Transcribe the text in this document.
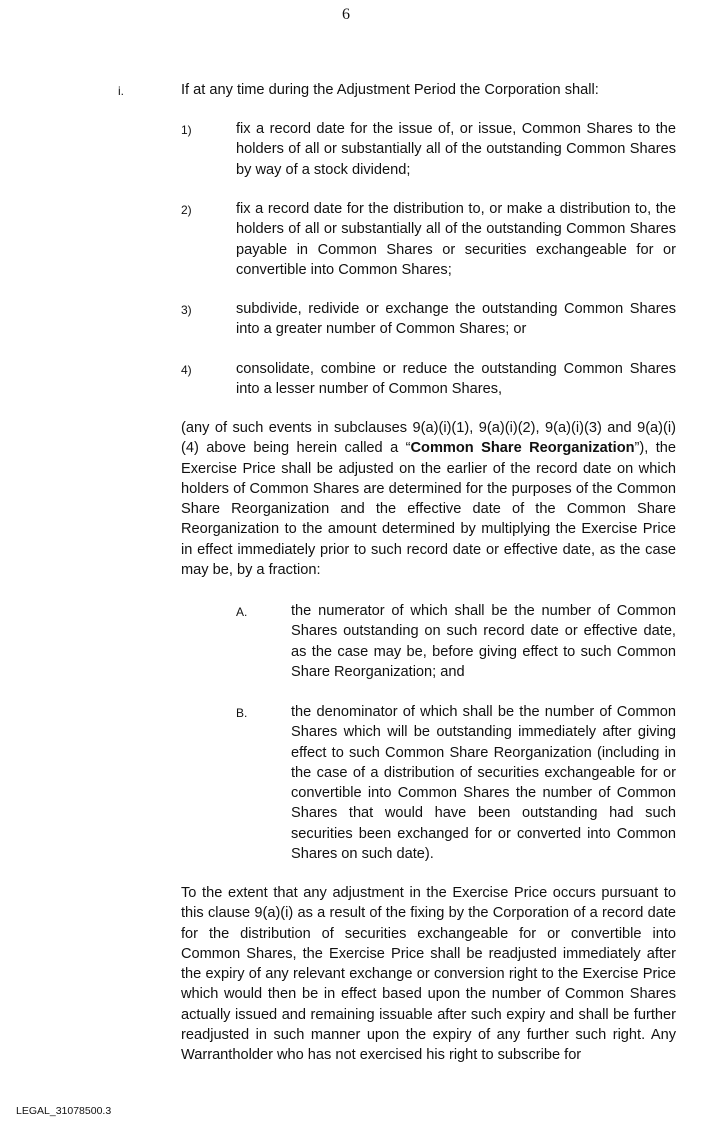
6
i.	If at any time during the Adjustment Period the Corporation shall:

1)	fix a record date for the issue of, or issue, Common Shares to the holders of all or substantially all of the outstanding Common Shares by way of a stock dividend;

2)	fix a record date for the distribution to, or make a distribution to, the holders of all or substantially all of the outstanding Common Shares payable in Common Shares or securities exchangeable for or convertible into Common Shares;

3)	subdivide, redivide or exchange the outstanding Common Shares into a greater number of Common Shares; or

4)	consolidate, combine or reduce the outstanding Common Shares into a lesser number of Common Shares,

(any of such events in subclauses 9(a)(i)(1), 9(a)(i)(2), 9(a)(i)(3) and 9(a)(i)(4) above being herein called a “Common Share Reorganization”), the Exercise Price shall be adjusted on the earlier of the record date on which holders of Common Shares are determined for the purposes of the Common Share Reorganization and the effective date of the Common Share Reorganization to the amount determined by multiplying the Exercise Price in effect immediately prior to such record date or effective date, as the case may be, by a fraction:

A.	the numerator of which shall be the number of Common Shares outstanding on such record date or effective date, as the case may be, before giving effect to such Common Share Reorganization; and

B.	the denominator of which shall be the number of Common Shares which will be outstanding immediately after giving effect to such Common Share Reorganization (including in the case of a distribution of securities exchangeable for or convertible into Common Shares the number of Common Shares that would have been outstanding had such securities been exchanged for or converted into Common Shares on such date).

To the extent that any adjustment in the Exercise Price occurs pursuant to this clause 9(a)(i) as a result of the fixing by the Corporation of a record date for the distribution of securities exchangeable for or convertible into Common Shares, the Exercise Price shall be readjusted immediately after the expiry of any relevant exchange or conversion right to the Exercise Price which would then be in effect based upon the number of Common Shares actually issued and remaining issuable after such expiry and shall be further readjusted in such manner upon the expiry of any further such right. Any Warrantholder who has not exercised his right to subscribe for

LEGAL_31078500.3
